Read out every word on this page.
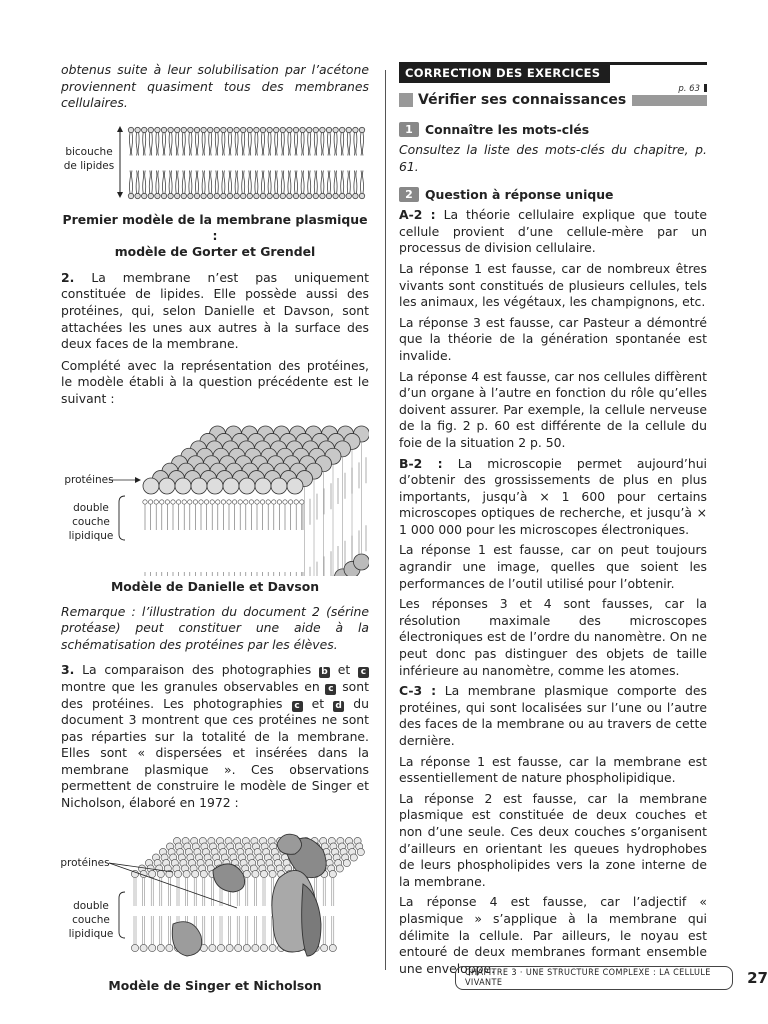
obtenus suite à leur solubilisation par l’acétone proviennent quasiment tous des membranes cellulaires.

bicouche
de lipides
Premier modèle de la membrane plasmique :
modèle de Gorter et Grendel

2. La membrane n’est pas uniquement constituée de lipides. Elle possède aussi des protéines, qui, selon Danielle et Davson, sont attachées les unes aux autres à la surface des deux faces de la membrane.

Complété avec la représentation des protéines, le modèle établi à la question précédente est le suivant :

protéines
double
couche
lipidique
Modèle de Danielle et Davson

Remarque : l’illustration du document 2 (sérine protéase) peut constituer une aide à la schématisation des protéines par les élèves.

3. La comparaison des photographies b et c montre que les granules observables en c sont des protéines. Les photographies c et d du document 3 montrent que ces protéines ne sont pas réparties sur la totalité de la membrane. Elles sont « dispersées et insérées dans la membrane plasmique ». Ces observations permettent de construire le modèle de Singer et Nicholson, élaboré en 1972 :

protéines
double
couche
lipidique
Modèle de Singer et Nicholson
CORRECTION DES EXERCICES
p. 63
Vérifier ses connaissances
1 Connaître les mots-clés

Consultez la liste des mots-clés du chapitre, p. 61.

2 Question à réponse unique

A-2 : La théorie cellulaire explique que toute cellule provient d’une cellule-mère par un processus de division cellulaire.

La réponse 1 est fausse, car de nombreux êtres vivants sont constitués de plusieurs cellules, tels les animaux, les végétaux, les champignons, etc.

La réponse 3 est fausse, car Pasteur a démontré que la théorie de la génération spontanée est invalide.

La réponse 4 est fausse, car nos cellules diffèrent d’un organe à l’autre en fonction du rôle qu’elles doivent assurer. Par exemple, la cellule nerveuse de la fig. 2 p. 60 est différente de la cellule du foie de la situation 2 p. 50.

B-2 : La microscopie permet aujourd’hui d’obtenir des grossissements de plus en plus importants, jusqu’à × 1 600 pour certains microscopes optiques de recherche, et jusqu’à × 1 000 000 pour les microscopes électroniques.

La réponse 1 est fausse, car on peut toujours agrandir une image, quelles que soient les performances de l’outil utilisé pour l’obtenir.

Les réponses 3 et 4 sont fausses, car la résolution maximale des microscopes électroniques est de l’ordre du nanomètre. On ne peut donc pas distinguer des objets de taille inférieure au nanomètre, comme les atomes.

C-3 : La membrane plasmique comporte des protéines, qui sont localisées sur l’une ou l’autre des faces de la membrane ou au travers de cette dernière.

La réponse 1 est fausse, car la membrane est essentiellement de nature phospholipidique.

La réponse 2 est fausse, car la membrane plasmique est constituée de deux couches et non d’une seule. Ces deux couches s’organisent d’ailleurs en orientant les queues hydrophobes de leurs phospholipides vers la zone interne de la membrane.

La réponse 4 est fausse, car l’adjectif « plasmique » s’applique à la membrane qui délimite la cellule. Par ailleurs, le noyau est entouré de deux membranes formant ensemble une enveloppe.

CHAPITRE 3 · UNE STRUCTURE COMPLEXE : LA CELLULE VIVANTE	27
